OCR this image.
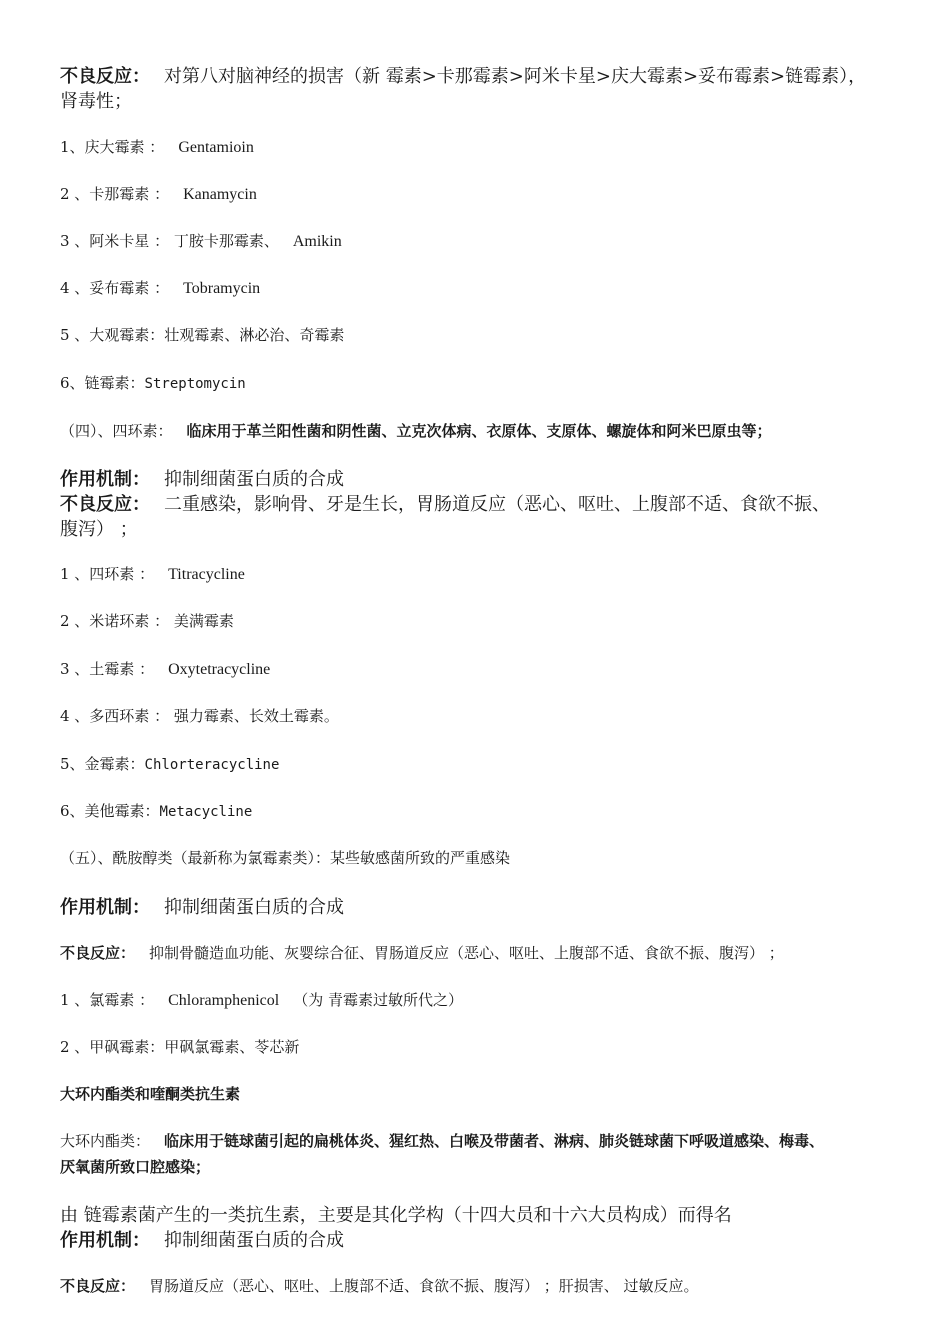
不良反应： 对第八对脑神经的损害（新 霉素>卡那霉素>阿米卡星>庆大霉素>妥布霉素>链霉素），
肾毒性；
1、庆大霉素 ： Gentamioin
2 、卡那霉素 ： Kanamycin
3 、阿米卡星 ： 丁胺卡那霉素、 Amikin
4 、妥布霉素 ： Tobramycin
5 、大观霉素：壮观霉素、淋必治、奇霉素
6、链霉素：Streptomycin
（四）、四环素： 临床用于革兰阳性菌和阴性菌、立克次体病、衣原体、支原体、螺旋体和阿米巴原虫等；
作用机制： 抑制细菌蛋白质的合成
不良反应： 二重感染，影响骨、牙是生长，胃肠道反应（恶心、呕吐、上腹部不适、食欲不振、
腹泻） ；
1 、四环素 ： Titracycline
2 、米诺环素 ： 美满霉素
3 、土霉素 ： Oxytetracycline
4 、多西环素 ： 强力霉素、长效土霉素。
5、金霉素：Chlorteracycline
6、美他霉素：Metacycline
（五）、酰胺醇类（最新称为氯霉素类）：某些敏感菌所致的严重感染
作用机制： 抑制细菌蛋白质的合成
不良反应： 抑制骨髓造血功能、灰婴综合征、胃肠道反应（恶心、呕吐、上腹部不适、食欲不振、腹泻） ；
1 、氯霉素 ： Chloramphenicol （为 青霉素过敏所代之）
2 、甲砜霉素：甲砜氯霉素、苓芯新
大环内酯类和喹酮类抗生素
大环内酯类： 临床用于链球菌引起的扁桃体炎、猩红热、白喉及带菌者、淋病、肺炎链球菌下呼吸道感染、梅毒、
厌氧菌所致口腔感染；
由 链霉素菌产生的一类抗生素，主要是其化学构（十四大员和十六大员构成）而得名
作用机制： 抑制细菌蛋白质的合成
不良反应： 胃肠道反应（恶心、呕吐、上腹部不适、食欲不振、腹泻） ；肝损害、 过敏反应。
